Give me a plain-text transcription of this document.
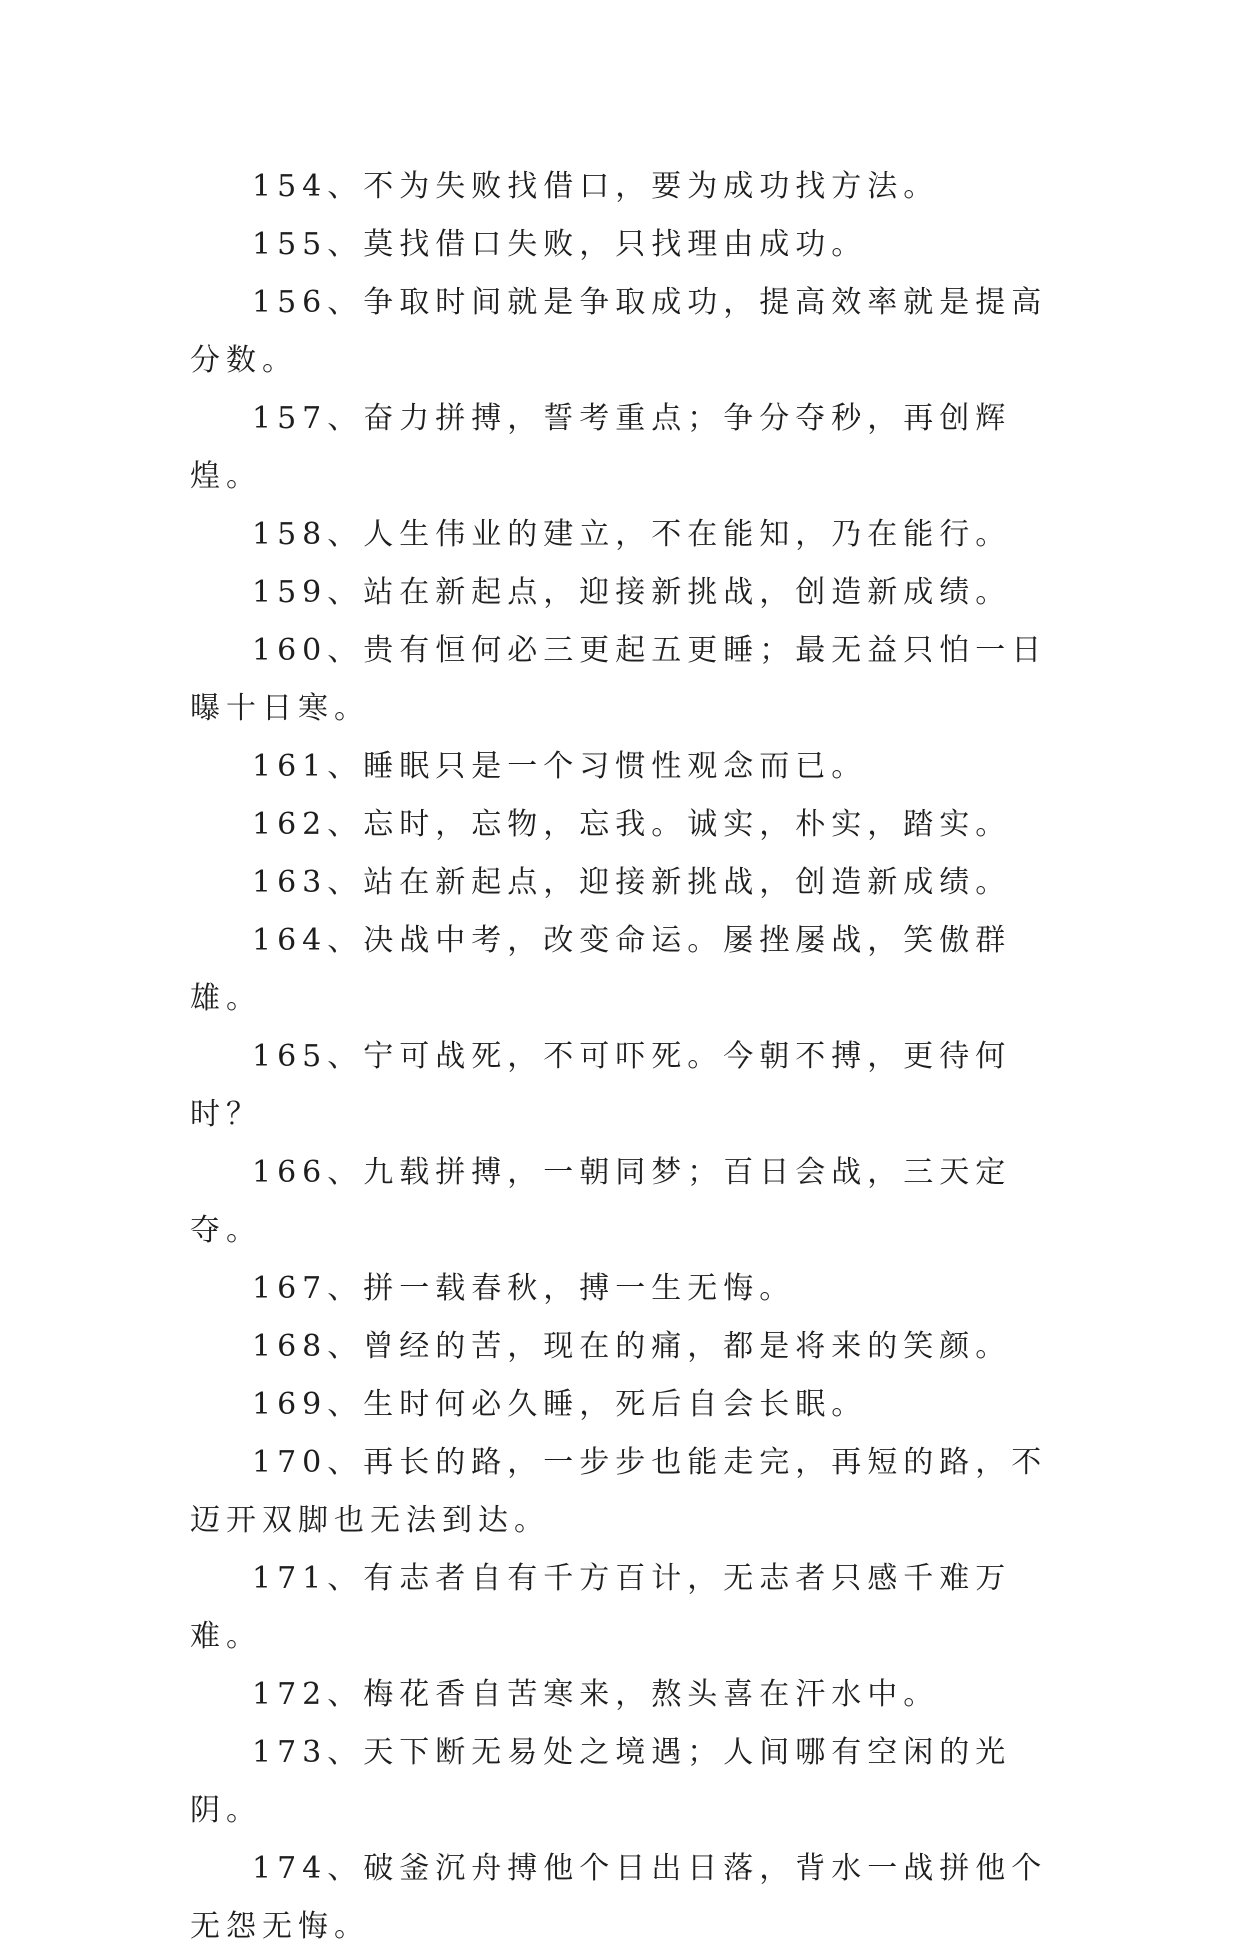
154、不为失败找借口，要为成功找方法。

155、莫找借口失败，只找理由成功。

156、争取时间就是争取成功，提高效率就是提高分数。

157、奋力拼搏，誓考重点；争分夺秒，再创辉煌。

158、人生伟业的建立，不在能知，乃在能行。

159、站在新起点，迎接新挑战，创造新成绩。

160、贵有恒何必三更起五更睡；最无益只怕一日曝十日寒。

161、睡眠只是一个习惯性观念而已。

162、忘时，忘物，忘我。诚实，朴实，踏实。

163、站在新起点，迎接新挑战，创造新成绩。

164、决战中考，改变命运。屡挫屡战，笑傲群雄。

165、宁可战死，不可吓死。今朝不搏，更待何时？

166、九载拼搏，一朝同梦；百日会战，三天定夺。

167、拼一载春秋，搏一生无悔。

168、曾经的苦，现在的痛，都是将来的笑颜。

169、生时何必久睡，死后自会长眠。

170、再长的路，一步步也能走完，再短的路，不迈开双脚也无法到达。

171、有志者自有千方百计，无志者只感千难万难。

172、梅花香自苦寒来，熬头喜在汗水中。

173、天下断无易处之境遇；人间哪有空闲的光阴。

174、破釜沉舟搏他个日出日落，背水一战拼他个无怨无悔。
